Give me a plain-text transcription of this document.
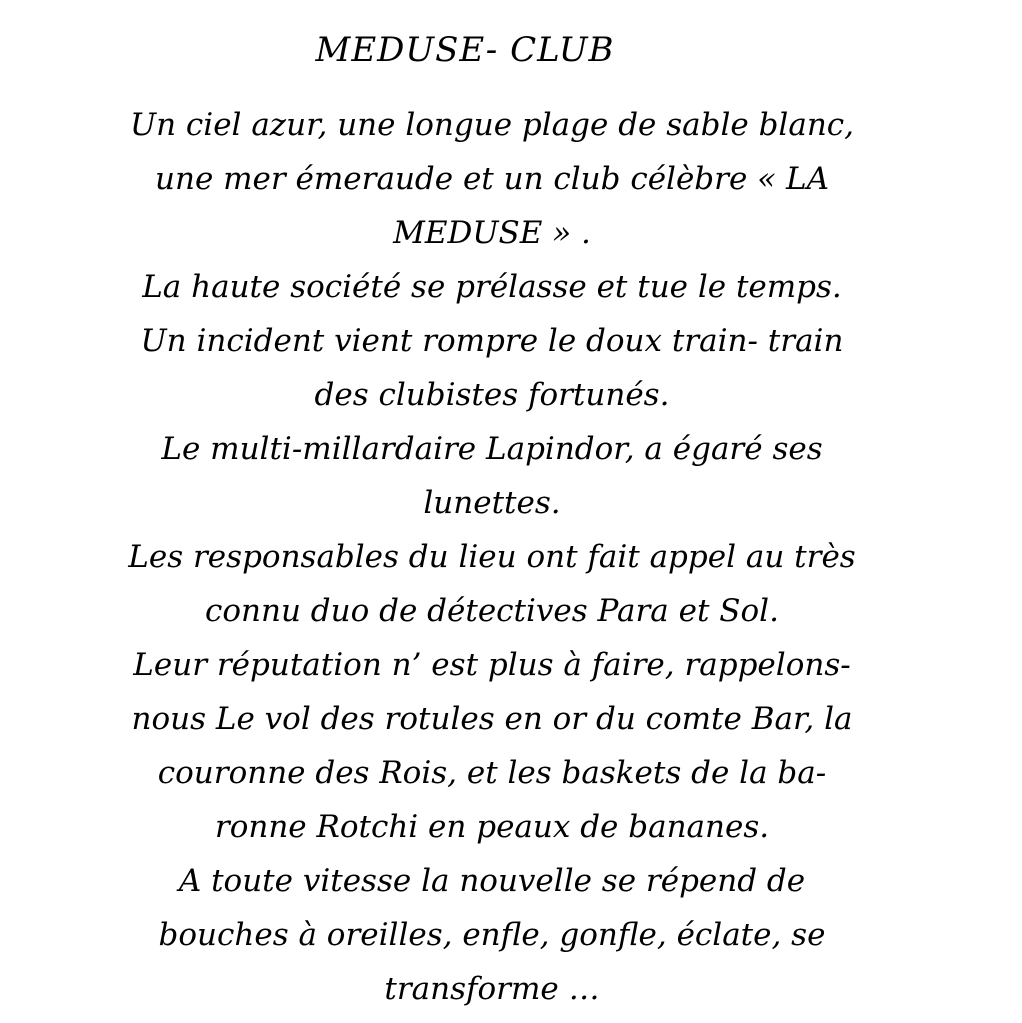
MEDUSE- CLUB
Un ciel azur, une longue plage de sable blanc,
une mer émeraude et un club célèbre « LA
MEDUSE » .
La haute société se prélasse et tue le temps.
Un incident vient rompre le doux train- train
des clubistes fortunés.
Le multi-millardaire Lapindor, a égaré ses
lunettes.
Les responsables du lieu ont fait appel au très
connu duo de détectives Para et Sol.
Leur réputation n’ est plus à faire, rappelons-
nous Le vol des rotules en or du comte Bar, la
couronne des Rois, et les baskets de la ba-
ronne Rotchi en peaux de bananes.
A toute vitesse la nouvelle se répend de
bouches à oreilles, enfle, gonfle, éclate, se
transforme …
